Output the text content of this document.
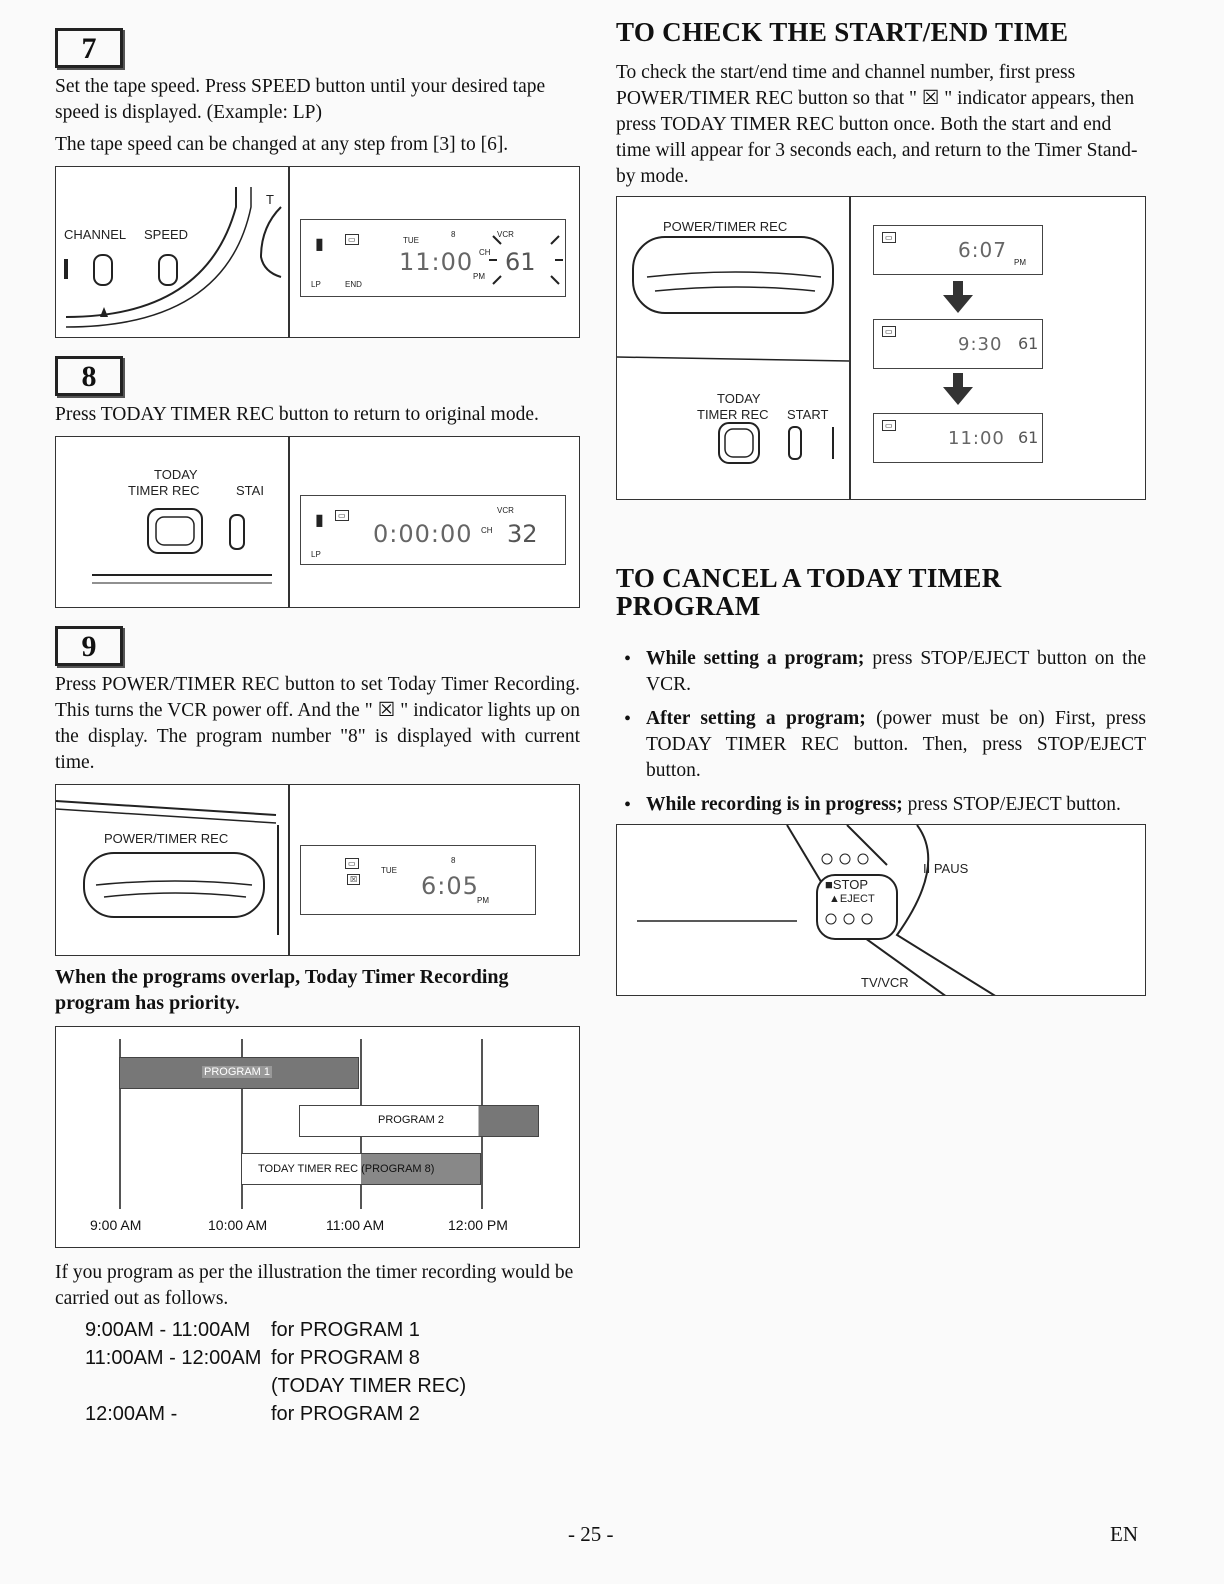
7

Set the tape speed. Press SPEED button until your desired tape speed is displayed. (Example: LP)

The tape speed can be changed at any step from [3] to [6].

CHANNEL SPEED
T
▮	▭	TUE
8	VCR
CH
LP	END
11:00
PM
61
8

Press TODAY TIMER REC button to return to original mode.

TODAY
TIMER REC	STAI
▮	▭
VCR
CH
LP
0:00:00 32
9

Press POWER/TIMER REC button to set Today Timer Recording. This turns the VCR power off. And the " ☒ " indicator lights up on the display. The program number "8" is displayed with current time.

POWER/TIMER REC
▭
☒
TUE
8
6:05
PM

When the programs overlap, Today Timer Recording program has priority.

PROGRAM 1
PROGRAM 2
TODAY TIMER REC (PROGRAM 8)
9:00 AM	10:00 AM	11:00 AM	12:00 PM

If you program as per the illustration the timer recording would be carried out as follows.

9:00AM - 11:00AM	for PROGRAM 1
11:00AM - 12:00AM for PROGRAM 8
(TODAY TIMER REC)
12:00AM -	for PROGRAM 2
TO CHECK THE START/END TIME

To check the start/end time and channel number, first press POWER/TIMER REC button so that " ☒ " indicator appears, then press TODAY TIMER REC button once. Both the start and end time will appear for 3 seconds each, and return to the Timer Stand-by mode.

POWER/TIMER REC
TODAY
TIMER REC START
▭
6:07
PM
▭
9:30 61
▭
11:00 61
TO CANCEL A TODAY TIMER PROGRAM
• While setting a program; press STOP/EJECT button on the VCR.
• After setting a program; (power must be on) First, press TODAY TIMER REC button. Then, press STOP/EJECT button.
• While recording is in progress; press STOP/EJECT button.
■STOP
▲EJECT
II PAUS
TV/VCR
- 25 -	EN
